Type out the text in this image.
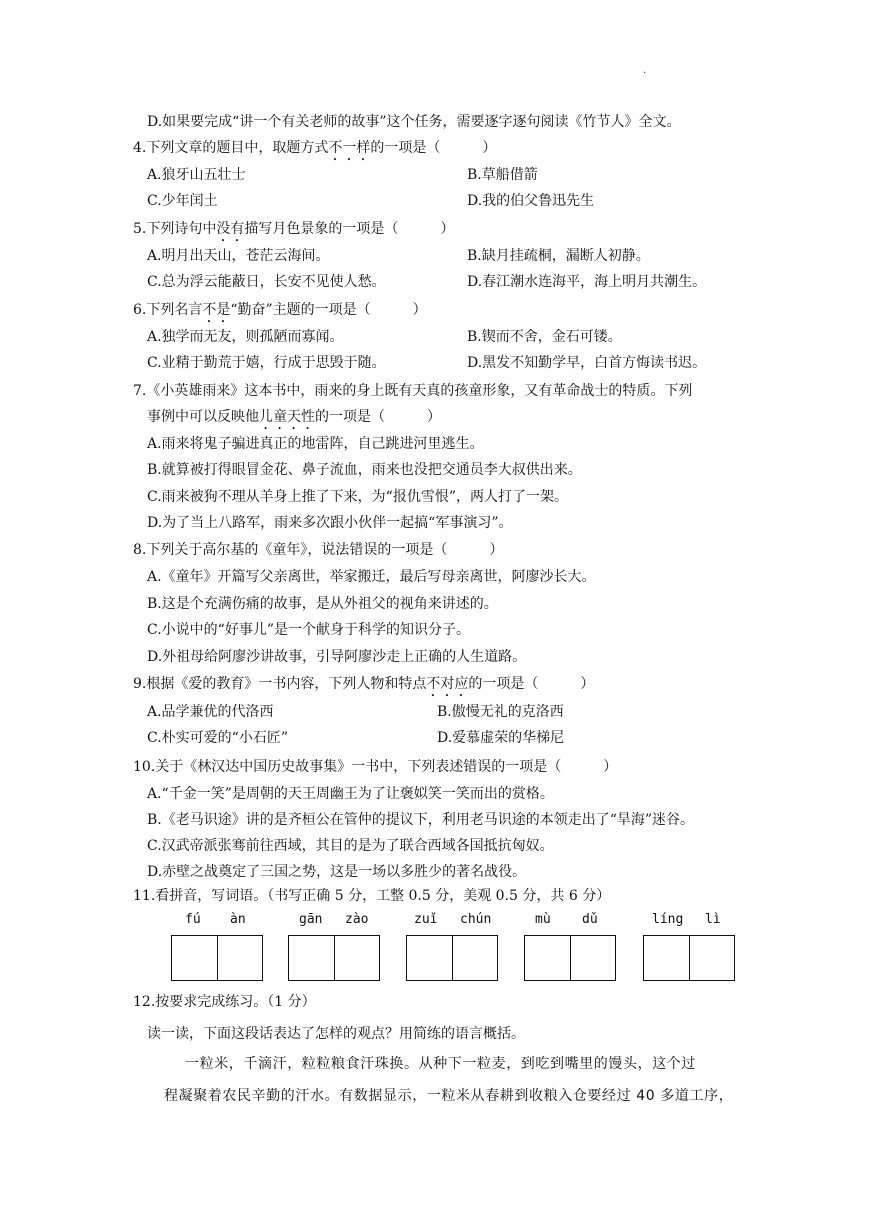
·
D.如果要完成“讲一个有关老师的故事”这个任务，需要逐字逐句阅读《竹节人》全文。
4.下列文章的题目中，取题方式不一样的一项是（　　　）
A.狼牙山五壮士	B.草船借箭
C.少年闰土	D.我的伯父鲁迅先生
5.下列诗句中没有描写月色景象的一项是（　　　）
A.明月出天山，苍茫云海间。	B.缺月挂疏桐，漏断人初静。
C.总为浮云能蔽日，长安不见使人愁。	D.春江潮水连海平，海上明月共潮生。
6.下列名言不是“勤奋”主题的一项是（　　　）
A.独学而无友，则孤陋而寡闻。	B.锲而不舍，金石可镂。
C.业精于勤荒于嬉，行成于思毁于随。	D.黑发不知勤学早，白首方悔读书迟。
7.《小英雄雨来》这本书中，雨来的身上既有天真的孩童形象，又有革命战士的特质。下列
事例中可以反映他儿童天性的一项是（　　　）
A.雨来将鬼子骗进真正的地雷阵，自己跳进河里逃生。
B.就算被打得眼冒金花、鼻子流血，雨来也没把交通员李大叔供出来。
C.雨来被狗不理从羊身上推了下来，为“报仇雪恨”，两人打了一架。
D.为了当上八路军，雨来多次跟小伙伴一起搞“军事演习”。
8.下列关于高尔基的《童年》，说法错误的一项是（　　　）
A.《童年》开篇写父亲离世，举家搬迁，最后写母亲离世，阿廖沙长大。
B.这是个充满伤痛的故事，是从外祖父的视角来讲述的。
C.小说中的“好事儿”是一个献身于科学的知识分子。
D.外祖母给阿廖沙讲故事，引导阿廖沙走上正确的人生道路。
9.根据《爱的教育》一书内容，下列人物和特点不对应的一项是（　　　）
A.品学兼优的代洛西	B.傲慢无礼的克洛西
C.朴实可爱的“小石匠”	D.爱慕虚荣的华梯尼
10.关于《林汉达中国历史故事集》一书中，下列表述错误的一项是（　　　）
A.“千金一笑”是周朝的天王周幽王为了让褒姒笑一笑而出的赏格。
B.《老马识途》讲的是齐桓公在管仲的提议下，利用老马识途的本领走出了“旱海”迷谷。
C.汉武帝派张骞前往西域，其目的是为了联合西域各国抵抗匈奴。
D.赤壁之战奠定了三国之势，这是一场以多胜少的著名战役。
11.看拼音，写词语。（书写正确 5 分，工整 0.5 分，美观 0.5 分，共 6 分）
fú àn	gān zào	zuǐ chún	mù dǔ	líng lì
12.按要求完成练习。（1 分）
读一读，下面这段话表达了怎样的观点？用简练的语言概括。
一粒米，千滴汗，粒粒粮食汗珠换。从种下一粒麦，到吃到嘴里的馒头，这个过
程凝聚着农民辛勤的汗水。有数据显示，一粒米从春耕到收粮入仓要经过 40 多道工序，
